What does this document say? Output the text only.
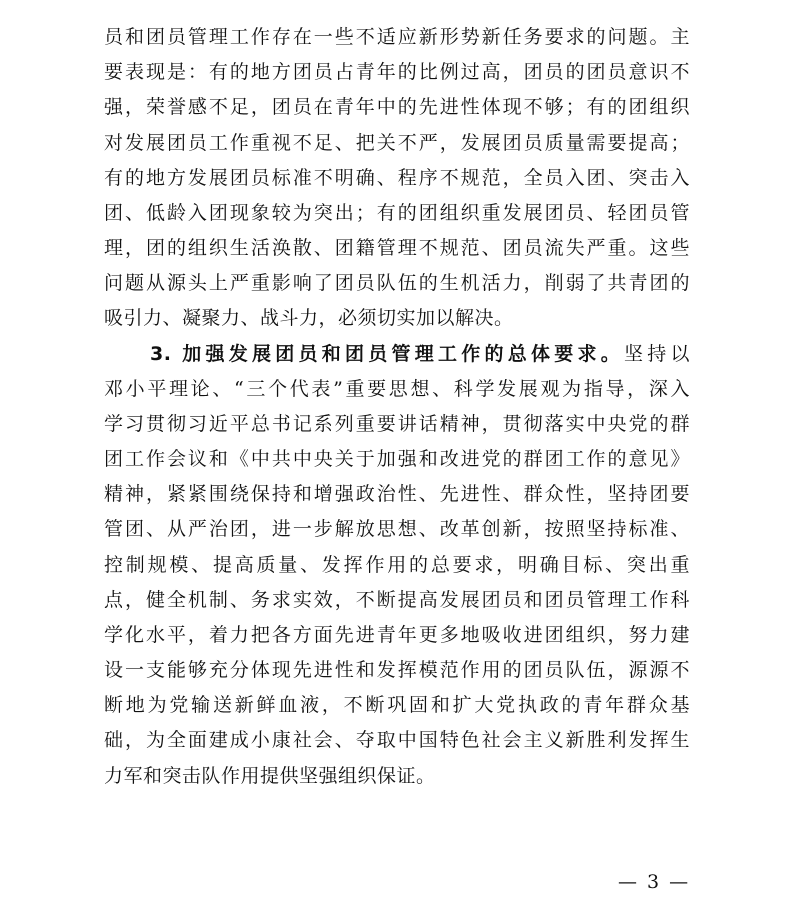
员和团员管理工作存在一些不适应新形势新任务要求的问题。主
要表现是：有的地方团员占青年的比例过高，团员的团员意识不
强，荣誉感不足，团员在青年中的先进性体现不够；有的团组织
对发展团员工作重视不足、把关不严，发展团员质量需要提高；
有的地方发展团员标准不明确、程序不规范，全员入团、突击入
团、低龄入团现象较为突出；有的团组织重发展团员、轻团员管
理，团的组织生活涣散、团籍管理不规范、团员流失严重。这些
问题从源头上严重影响了团员队伍的生机活力，削弱了共青团的
吸引力、凝聚力、战斗力，必须切实加以解决。
3. 加强发展团员和团员管理工作的总体要求。坚持以
邓小平理论、“三个代表”重要思想、科学发展观为指导，深入
学习贯彻习近平总书记系列重要讲话精神，贯彻落实中央党的群
团工作会议和《中共中央关于加强和改进党的群团工作的意见》
精神，紧紧围绕保持和增强政治性、先进性、群众性，坚持团要
管团、从严治团，进一步解放思想、改革创新，按照坚持标准、
控制规模、提高质量、发挥作用的总要求，明确目标、突出重
点，健全机制、务求实效，不断提高发展团员和团员管理工作科
学化水平，着力把各方面先进青年更多地吸收进团组织，努力建
设一支能够充分体现先进性和发挥模范作用的团员队伍，源源不
断地为党输送新鲜血液，不断巩固和扩大党执政的青年群众基
础，为全面建成小康社会、夺取中国特色社会主义新胜利发挥生
力军和突击队作用提供坚强组织保证。
— 3 —
